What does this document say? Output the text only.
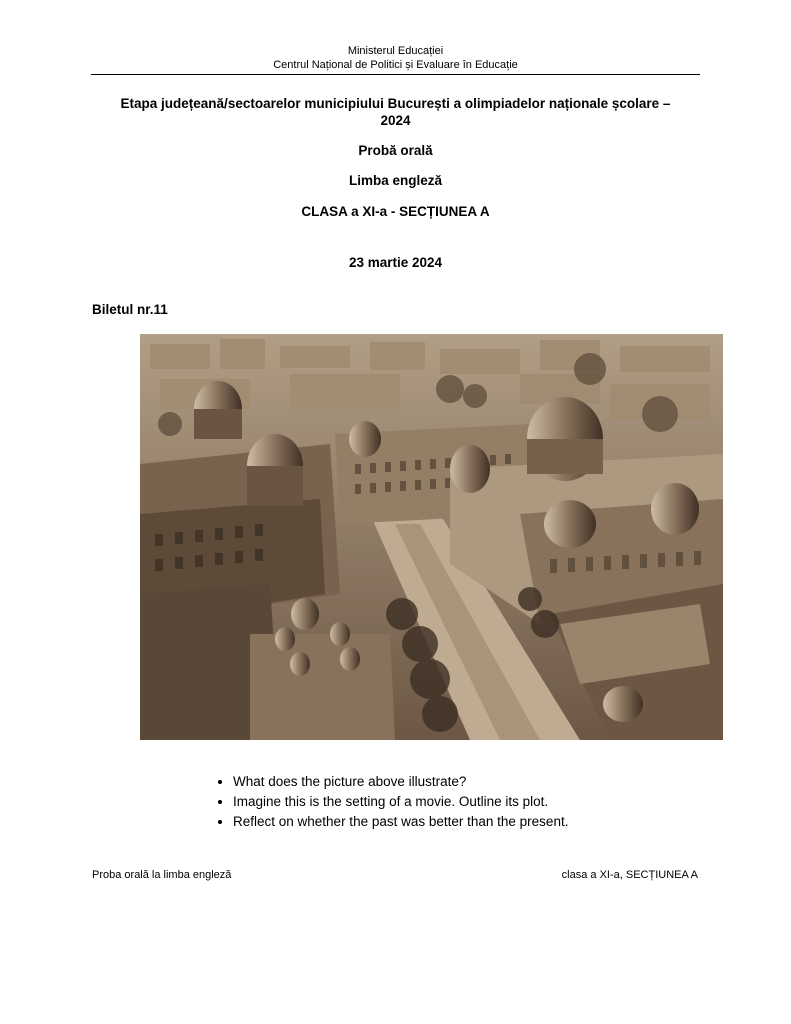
Ministerul Educației
Centrul Național de Politici și Evaluare în Educație
Etapa județeană/sectoarelor municipiului București a olimpiadelor naționale școlare –
2024
Probă orală
Limba engleză
CLASA a XI-a - SECȚIUNEA A
23 martie 2024
Biletul nr.11
• What does the picture above illustrate?
• Imagine this is the setting of a movie. Outline its plot.
• Reflect on whether the past was better than the present.
Proba orală la limba engleză	clasa a XI-a, SECȚIUNEA A
